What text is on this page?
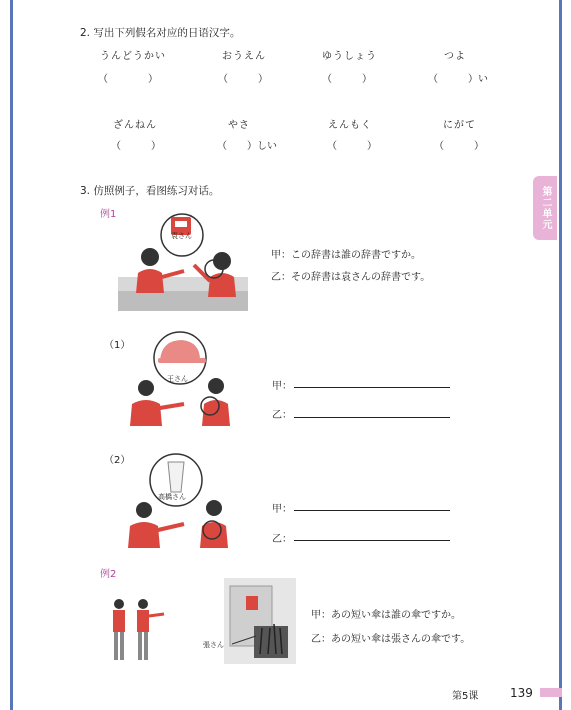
2. 写出下列假名对应的日语汉字。
うんどうかい	おうえん	ゆうしょう	つよ
（　　　　）	（　　　）	（　　　）	（　　　）い
ざんねん	やさ	えんもく	にがて
（　　　）	（　　）しい	（　　　）	（　　　）
第二单元
3. 仿照例子，看图练习对话。
例1
袁さん
甲：この辞書は誰の辞書ですか。
乙：その辞書は袁さんの辞書です。
（1）
王さん
甲：
乙：
（2）
高橋さん
甲：
乙：
例2
張さん
甲：あの短い傘は誰の傘ですか。
乙：あの短い傘は張さんの傘です。
第5课	139
